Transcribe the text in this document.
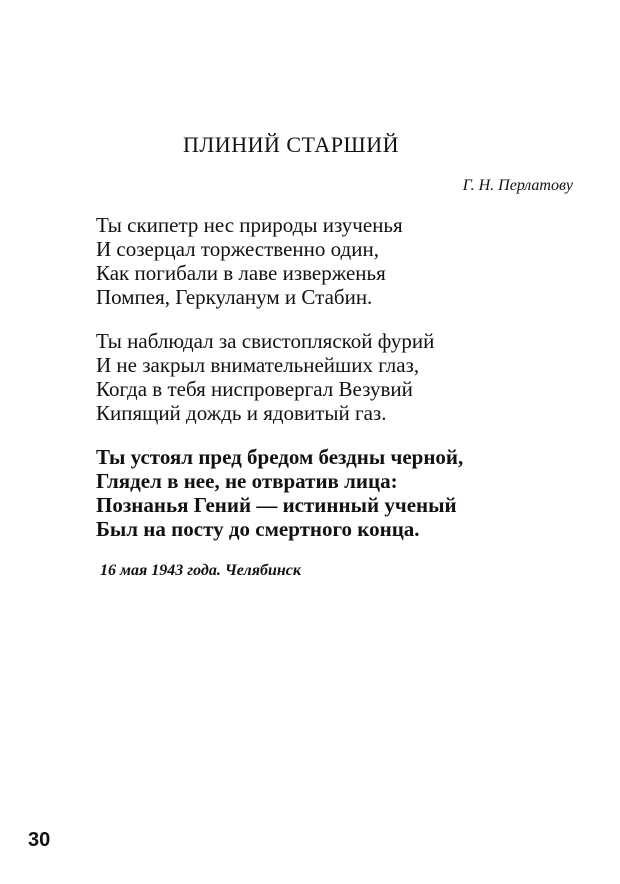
ПЛИНИЙ СТАРШИЙ
Г. Н. Перлатову
Ты скипетр нес природы изученья
И созерцал торжественно один,
Как погибали в лаве изверженья
Помпея, Геркуланум и Стабин.
Ты наблюдал за свистопляской фурий
И не закрыл внимательнейших глаз,
Когда в тебя ниспровергал Везувий
Кипящий дождь и ядовитый газ.
Ты устоял пред бредом бездны черной,
Глядел в нее, не отвратив лица:
Познанья Гений — истинный ученый
Был на посту до смертного конца.
16 мая 1943 года. Челябинск
30
